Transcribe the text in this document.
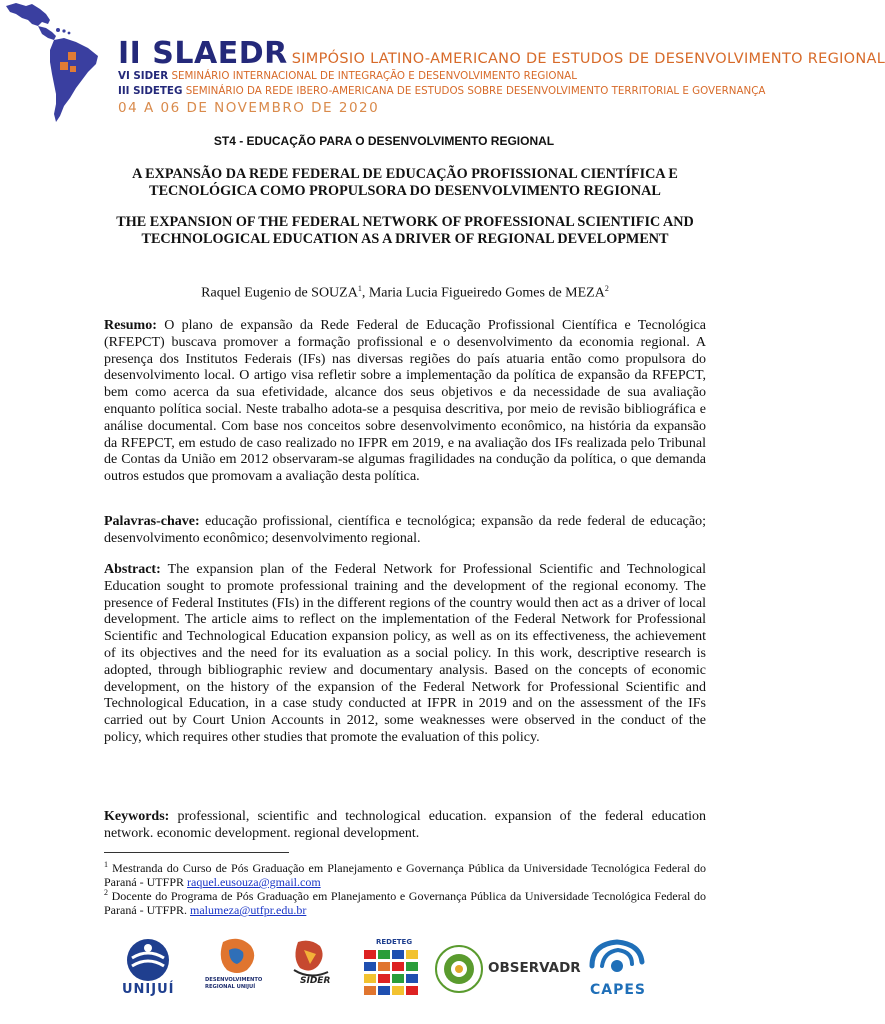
II SLAEDR SIMPÓSIO LATINO-AMERICANO DE ESTUDOS DE DESENVOLVIMENTO REGIONAL
VI SIDER SEMINÁRIO INTERNACIONAL DE INTEGRAÇÃO E DESENVOLVIMENTO REGIONAL
III SIDETEG SEMINÁRIO DA REDE IBERO-AMERICANA DE ESTUDOS SOBRE DESENVOLVIMENTO TERRITORIAL E GOVERNANÇA
04 A 06 DE NOVEMBRO DE 2020
ST4 - EDUCAÇÃO PARA O DESENVOLVIMENTO REGIONAL
A EXPANSÃO DA REDE FEDERAL DE EDUCAÇÃO PROFISSIONAL CIENTÍFICA E TECNOLÓGICA COMO PROPULSORA DO DESENVOLVIMENTO REGIONAL
THE EXPANSION OF THE FEDERAL NETWORK OF PROFESSIONAL SCIENTIFIC AND TECHNOLOGICAL EDUCATION AS A DRIVER OF REGIONAL DEVELOPMENT
Raquel Eugenio de SOUZA$^1$, Maria Lucia Figueiredo Gomes de MEZA$^2$

Resumo: O plano de expansão da Rede Federal de Educação Profissional Científica e Tecnológica (RFEPCT) buscava promover a formação profissional e o desenvolvimento da economia regional. A presença dos Institutos Federais (IFs) nas diversas regiões do país atuaria então como propulsora do desenvolvimento local. O artigo visa refletir sobre a implementação da política de expansão da RFEPCT, bem como acerca da sua efetividade, alcance dos seus objetivos e da necessidade de sua avaliação enquanto política social. Neste trabalho adota-se a pesquisa descritiva, por meio de revisão bibliográfica e análise documental. Com base nos conceitos sobre desenvolvimento econômico, na história da expansão da RFEPCT, em estudo de caso realizado no IFPR em 2019, e na avaliação dos IFs realizada pelo Tribunal de Contas da União em 2012 observaram-se algumas fragilidades na condução da política, o que demanda outros estudos que promovam a avaliação desta política.

Palavras-chave: educação profissional, científica e tecnológica; expansão da rede federal de educação; desenvolvimento econômico; desenvolvimento regional.

Abstract: The expansion plan of the Federal Network for Professional Scientific and Technological Education sought to promote professional training and the development of the regional economy. The presence of Federal Institutes (FIs) in the different regions of the country would then act as a driver of local development. The article aims to reflect on the implementation of the Federal Network for Professional Scientific and Technological Education expansion policy, as well as on its effectiveness, the achievement of its objectives and the need for its evaluation as a social policy. In this work, descriptive research is adopted, through bibliographic review and documentary analysis. Based on the concepts of economic development, on the history of the expansion of the Federal Network for Professional Scientific and Technological Education, in a case study conducted at IFPR in 2019 and on the assessment of the IFs carried out by Court Union Accounts in 2012, some weaknesses were observed in the conduct of the policy, which requires other studies that promote the evaluation of this policy.

Keywords: professional, scientific and technological education. expansion of the federal education network. economic development. regional development.

$^1$ Mestranda do Curso de Pós Graduação em Planejamento e Governança Pública da Universidade Tecnológica Federal do Paraná - UTFPR raquel.eusouza@gmail.com

$^2$ Docente do Programa de Pós Graduação em Planejamento e Governança Pública da Universidade Tecnológica Federal do Paraná - UTFPR. malumeza@utfpr.edu.br

UNIJUÍ
DESENVOLVIMENTO
REGIONAL UNIJUÍ
SIDER
REDETEG
OBSERVADR
CAPES
